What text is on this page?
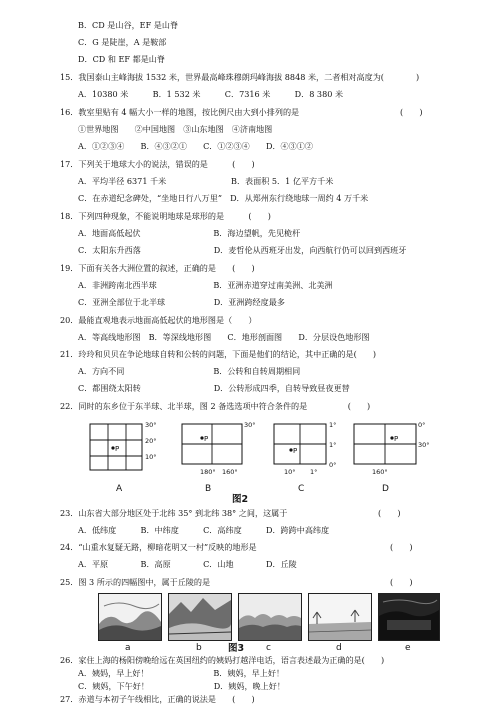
B．CD 是山谷，EF 是山脊
C．G 是陡崖，A 是鞍部
D．CD 和 EF 都是山脊
15．我国泰山主峰海拔 1532 米，世界最高峰珠穆朗玛峰海拔 8848 米，二者相对高度为(	)
A．10380 米　　　B．1 532 米　　　C．7316 米　　　D．8 380 米
16．教室里贴有 4 幅大小一样的地图，按比例尺由大到小排列的是	(　　)
①世界地图　　②中国地图　③山东地图　④济南地图
A．①②③④　　B．④③②①　　C．①②③④　　D．④③①②
17．下列关于地球大小的说法，错误的是　　　(　　)
A．平均半径 6371 千米　　　　　　　　B．表面积 5．1 亿平方千米
C．在赤道纪念碑处，“坐地日行八万里”　D．从郑州东行绕地球一周约 4 万千米
18．下列四种现象，不能说明地球是球形的是　　　(　　)
A．地面高低起伏　　　　　　　　　B．海边望帆，先见桅杆
C．太阳东升西落　　　　　　　　　D．麦哲伦从西班牙出发，向西航行仍可以回到西班牙
19．下面有关各大洲位置的叙述，正确的是　　(　　)
A．非洲跨南北西半球　　　　　　　B．亚洲赤道穿过南美洲、北美洲
C．亚洲全部位于北半球　　　　　　D．亚洲跨经度最多
20．最能直观地表示地面高低起伏的地形图是（　　）
A．等高线地形图　B．等深线地形图　　C．地形剖面图　　D．分层设色地形图
21．玲玲和贝贝在争论地球自转和公转的问题，下面是他们的结论，其中正确的是(　　)
A．方向不同　　　　　　　　　　　B．公转和自转周期相同
C．都围绕太阳转　　　　　　　　　D．公转形成四季，自转导致昼夜更替
22．同时的东乡位于东半球、北半球，图 2 备选选项中符合条件的是　　　　　(　　)
P
30°
20°
10°
P
30°
180° 160°
P
1°
1°
0°
10° 1°
P
0°
30°
160°
A	B
图2
C	D
23．山东省大部分地区处于北纬 35° 到北纬 38° 之间，这属于	(　　)
A．低纬度　　　B．中纬度　　　C．高纬度　　　D．跨跨中高纬度
24．“山重水复疑无路，柳暗花明又一村”反映的地形是	(　　)
A．平原　　　　B．高原　　　　C．山地　　　　D．丘陵
25．图 3 所示的四幅图中，属于丘陵的是	(　　)
a	b	图3 c	d	e
26．家住上海的杨阳傍晚给远在英国纽约的姨妈打越洋电话，语言表述最为正确的是(　　)
A．姨妈，早上好！　　　　　　　　B．姨妈，早上好！
C．姨妈，下午好！　　　　　　　　D．姨妈，晚上好！
27．赤道与本初子午线相比，正确的说法是　　(　　)
